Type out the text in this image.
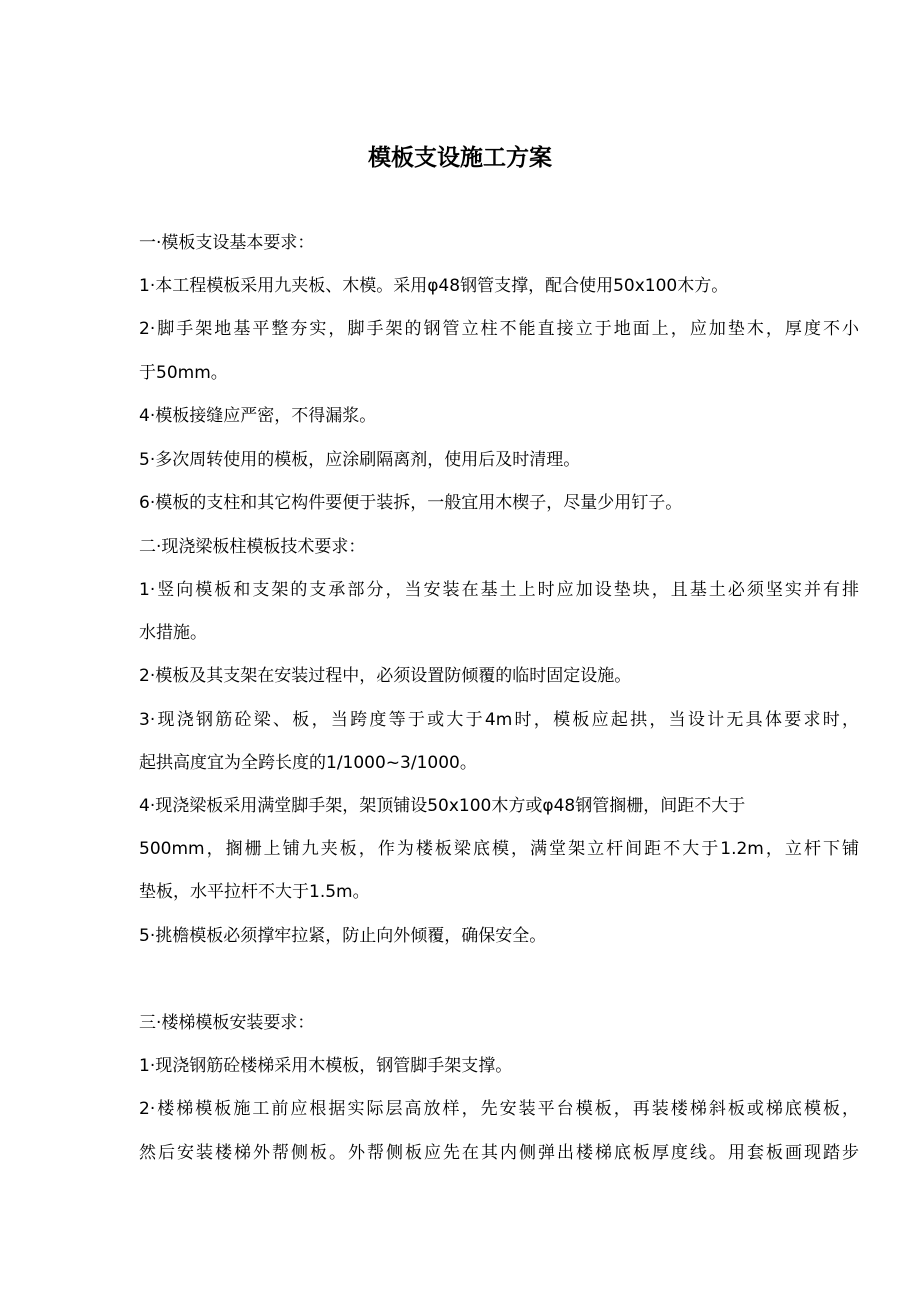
模板支设施工方案
一·模板支设基本要求：
1·本工程模板采用九夹板、木模。采用φ48钢管支撑，配合使用50x100木方。
2·脚手架地基平整夯实，脚手架的钢管立柱不能直接立于地面上，应加垫木，厚度不小
于50mm。
4·模板接缝应严密，不得漏浆。
5·多次周转使用的模板，应涂刷隔离剂，使用后及时清理。
6·模板的支柱和其它构件要便于装拆，一般宜用木楔子，尽量少用钉子。
二·现浇梁板柱模板技术要求：
1·竖向模板和支架的支承部分，当安装在基土上时应加设垫块，且基土必须坚实并有排
水措施。
2·模板及其支架在安装过程中，必须设置防倾覆的临时固定设施。
3·现浇钢筋砼梁、板，当跨度等于或大于4m时，模板应起拱，当设计无具体要求时，
起拱高度宜为全跨长度的1/1000~3/1000。
4·现浇梁板采用满堂脚手架，架顶铺设50x100木方或φ48钢管搁栅，间距不大于
500mm，搁栅上铺九夹板，作为楼板梁底模，满堂架立杆间距不大于1.2m，立杆下铺
垫板，水平拉杆不大于1.5m。
5·挑檐模板必须撑牢拉紧，防止向外倾覆，确保安全。
三·楼梯模板安装要求：
1·现浇钢筋砼楼梯采用木模板，钢管脚手架支撑。
2·楼梯模板施工前应根据实际层高放样，先安装平台模板，再装楼梯斜板或梯底模板，
然后安装楼梯外帮侧板。外帮侧板应先在其内侧弹出楼梯底板厚度线。用套板画现踏步
